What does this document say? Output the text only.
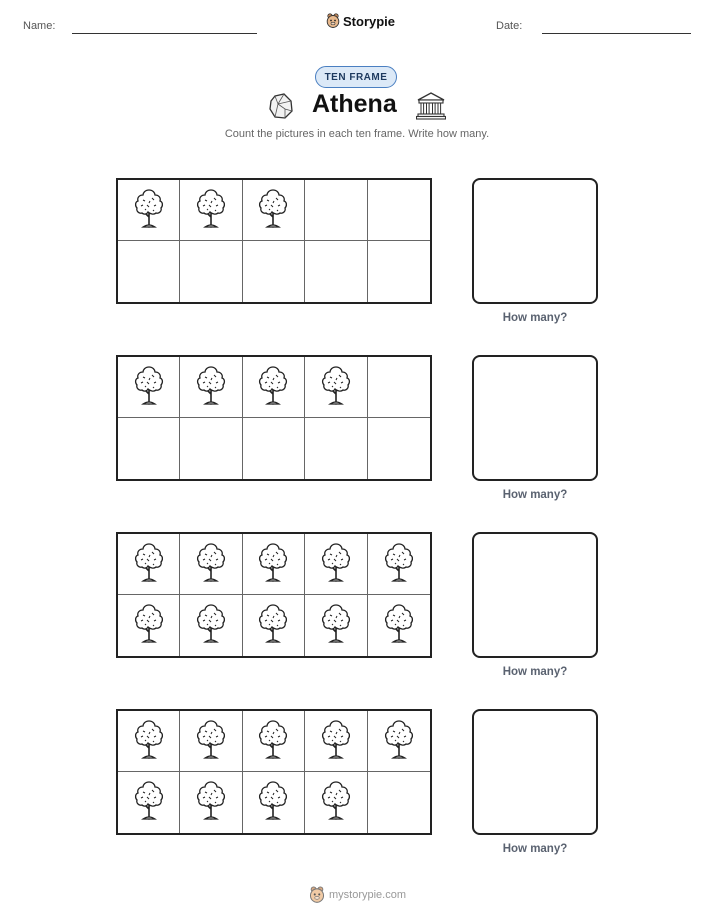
Name:	Storypie	Date:
TEN FRAME
Athena
Count the pictures in each ten frame. Write how many.
How many?
How many?
How many?
How many?
mystorypie.com
